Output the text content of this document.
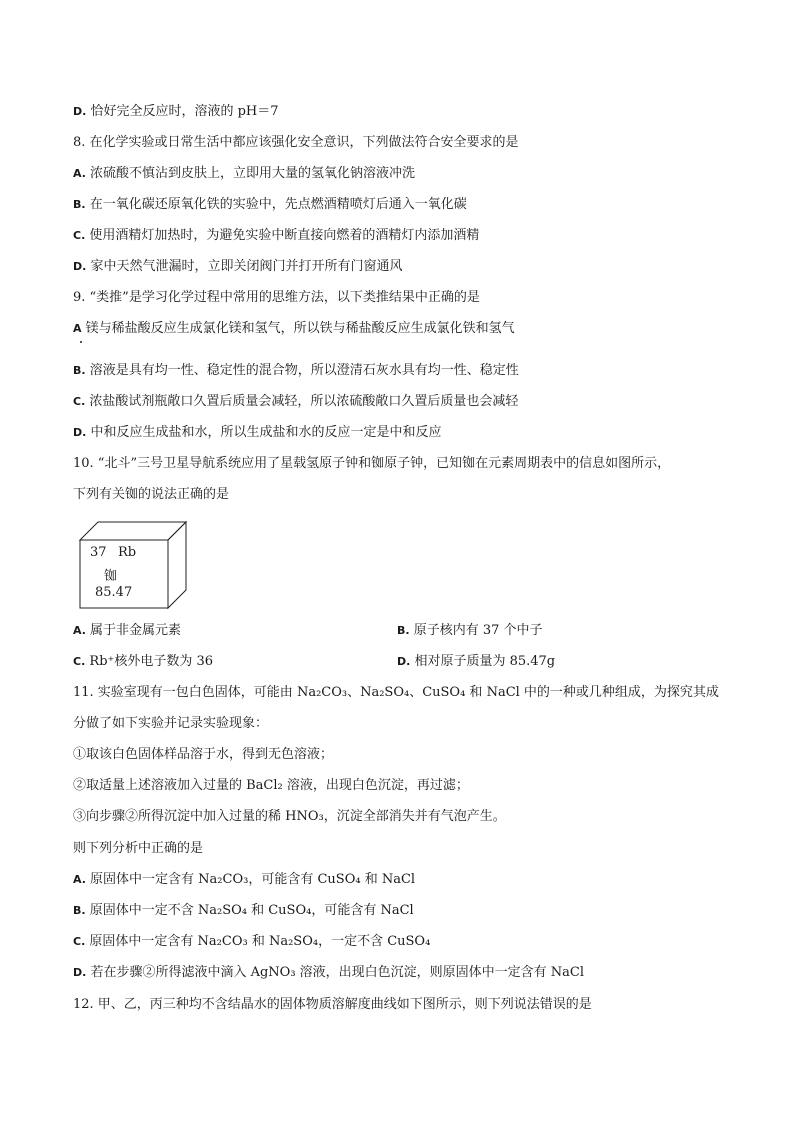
D. 恰好完全反应时，溶液的 pH＝7
8. 在化学实验或日常生活中都应该强化安全意识，下列做法符合安全要求的是
A. 浓硫酸不慎沾到皮肤上，立即用大量的氢氧化钠溶液冲洗
B. 在一氧化碳还原氧化铁的实验中，先点燃酒精喷灯后通入一氧化碳
C. 使用酒精灯加热时，为避免实验中断直接向燃着的酒精灯内添加酒精
D. 家中天然气泄漏时，立即关闭阀门并打开所有门窗通风
9. “类推”是学习化学过程中常用的思维方法，以下类推结果中正确的是
A 镁与稀盐酸反应生成氯化镁和氢气，所以铁与稀盐酸反应生成氯化铁和氢气
B. 溶液是具有均一性、稳定性的混合物，所以澄清石灰水具有均一性、稳定性
C. 浓盐酸试剂瓶敞口久置后质量会减轻，所以浓硫酸敞口久置后质量也会减轻
D. 中和反应生成盐和水，所以生成盐和水的反应一定是中和反应
10. “北斗”三号卫星导航系统应用了星载氢原子钟和铷原子钟，已知铷在元素周期表中的信息如图所示，
下列有关铷的说法正确的是
37 Rb
铷
85.47
A. 属于非金属元素	B. 原子核内有 37 个中子
C. Rb⁺核外电子数为 36	D. 相对原子质量为 85.47g
11. 实验室现有一包白色固体，可能由 Na₂CO₃、Na₂SO₄、CuSO₄ 和 NaCl 中的一种或几种组成，为探究其成
分做了如下实验并记录实验现象：
①取该白色固体样品溶于水，得到无色溶液；
②取适量上述溶液加入过量的 BaCl₂ 溶液，出现白色沉淀，再过滤；
③向步骤②所得沉淀中加入过量的稀 HNO₃，沉淀全部消失并有气泡产生。
则下列分析中正确的是
A. 原固体中一定含有 Na₂CO₃，可能含有 CuSO₄ 和 NaCl
B. 原固体中一定不含 Na₂SO₄ 和 CuSO₄，可能含有 NaCl
C. 原固体中一定含有 Na₂CO₃ 和 Na₂SO₄，一定不含 CuSO₄
D. 若在步骤②所得滤液中滴入 AgNO₃ 溶液，出现白色沉淀，则原固体中一定含有 NaCl
12. 甲、乙，丙三种均不含结晶水的固体物质溶解度曲线如下图所示，则下列说法错误的是
